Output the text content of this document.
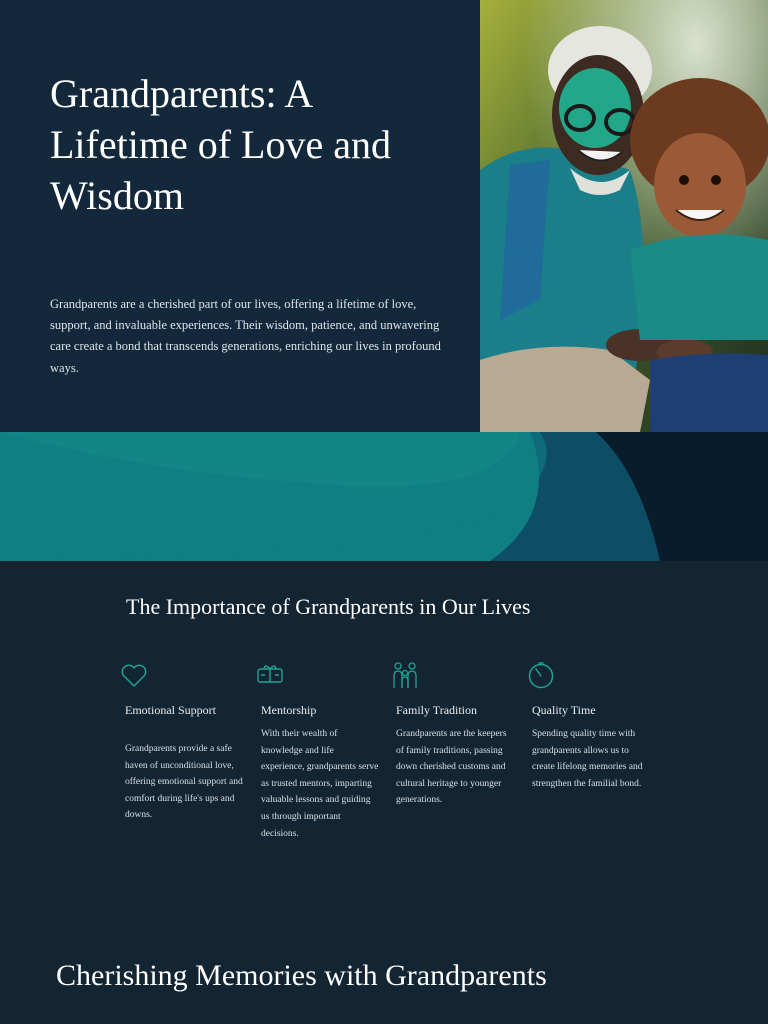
Grandparents: A Lifetime of Love and Wisdom

Grandparents are a cherished part of our lives, offering a lifetime of love, support, and invaluable experiences. Their wisdom, patience, and unwavering care create a bond that transcends generations, enriching our lives in profound ways.

The Importance of Grandparents in Our Lives
Emotional Support

Grandparents provide a safe haven of unconditional love, offering emotional support and comfort during life's ups and downs.

Mentorship

With their wealth of knowledge and life experience, grandparents serve as trusted mentors, imparting valuable lessons and guiding us through important decisions.

Family Tradition

Grandparents are the keepers of family traditions, passing down cherished customs and cultural heritage to younger generations.

Quality Time

Spending quality time with grandparents allows us to create lifelong memories and strengthen the familial bond.

Cherishing Memories with Grandparents
